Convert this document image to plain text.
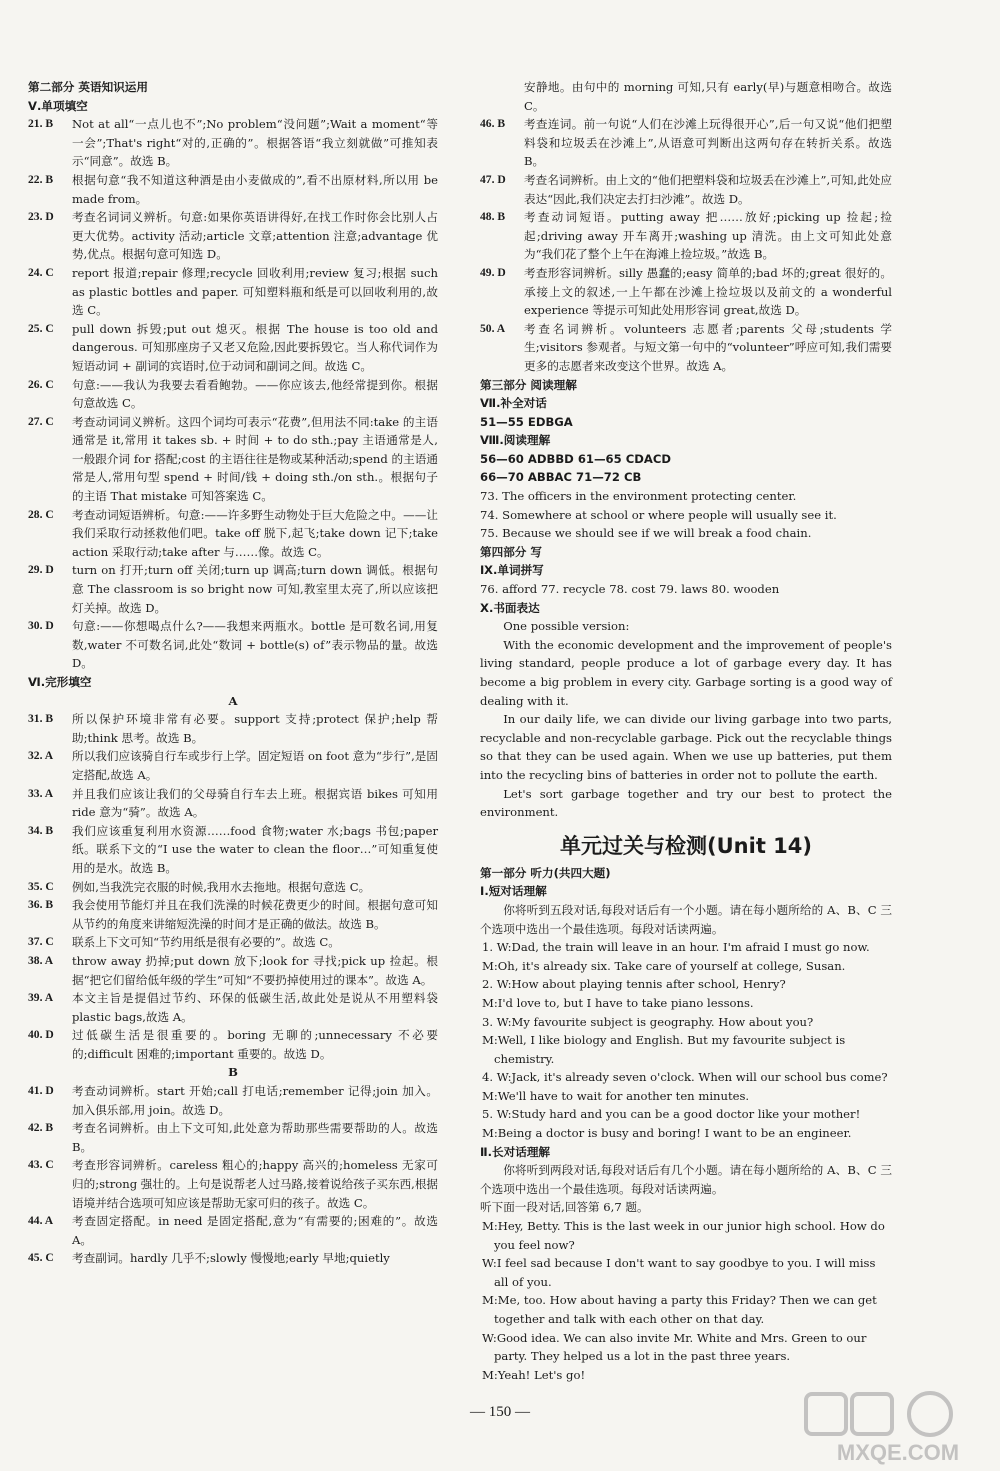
第二部分 英语知识运用
Ⅴ.单项填空
21. B	Not at all“一点儿也不”;No problem“没问题”;Wait a moment“等一会”;That's right“对的,正确的”。根据答语“我立刻就做”可推知表示“同意”。故选 B。
22. B	根据句意“我不知道这种酒是由小麦做成的”,看不出原材料,所以用 be made from。
23. D	考查名词词义辨析。句意:如果你英语讲得好,在找工作时你会比别人占更大优势。activity 活动;article 文章;attention 注意;advantage 优势,优点。根据句意可知选 D。
24. C	report 报道;repair 修理;recycle 回收利用;review 复习;根据 such as plastic bottles and paper. 可知塑料瓶和纸是可以回收利用的,故选 C。
25. C	pull down 拆毁;put out 熄灭。根据 The house is too old and dangerous. 可知那座房子又老又危险,因此要拆毁它。当人称代词作为短语动词 + 副词的宾语时,位于动词和副词之间。故选 C。
26. C	句意:——我认为我要去看看鲍勃。——你应该去,他经常提到你。根据句意故选 C。
27. C	考查动词词义辨析。这四个词均可表示“花费”,但用法不同:take 的主语通常是 it,常用 it takes sb. + 时间 + to do sth.;pay 主语通常是人,一般跟介词 for 搭配;cost 的主语往往是物或某种活动;spend 的主语通常是人,常用句型 spend + 时间/钱 + doing sth./on sth.。根据句子的主语 That mistake 可知答案选 C。
28. C	考查动词短语辨析。句意:——许多野生动物处于巨大危险之中。——让我们采取行动拯救他们吧。take off 脱下,起飞;take down 记下;take action 采取行动;take after 与……像。故选 C。
29. D	turn on 打开;turn off 关闭;turn up 调高;turn down 调低。根据句意 The classroom is so bright now 可知,教室里太亮了,所以应该把灯关掉。故选 D。
30. D	句意:——你想喝点什么?——我想来两瓶水。bottle 是可数名词,用复数,water 不可数名词,此处“数词 + bottle(s) of”表示物品的量。故选 D。
Ⅵ.完形填空
A
31. B	所以保护环境非常有必要。support 支持;protect 保护;help 帮助;think 思考。故选 B。
32. A	所以我们应该骑自行车或步行上学。固定短语 on foot 意为“步行”,是固定搭配,故选 A。
33. A	并且我们应该让我们的父母骑自行车去上班。根据宾语 bikes 可知用 ride 意为“骑”。故选 A。
34. B	我们应该重复利用水资源……food 食物;water 水;bags 书包;paper 纸。联系下文的“I use the water to clean the floor…”可知重复使用的是水。故选 B。
35. C	例如,当我洗完衣服的时候,我用水去拖地。根据句意选 C。
36. B	我会使用节能灯并且在我们洗澡的时候花费更少的时间。根据句意可知从节约的角度来讲缩短洗澡的时间才是正确的做法。故选 B。
37. C	联系上下文可知“节约用纸是很有必要的”。故选 C。
38. A	throw away 扔掉;put down 放下;look for 寻找;pick up 捡起。根据“把它们留给低年级的学生”可知“不要扔掉使用过的课本”。故选 A。
39. A	本文主旨是提倡过节约、环保的低碳生活,故此处是说从不用塑料袋 plastic bags,故选 A。
40. D	过低碳生活是很重要的。boring 无聊的;unnecessary 不必要的;difficult 困难的;important 重要的。故选 D。
B
41. D	考查动词辨析。start 开始;call 打电话;remember 记得;join 加入。加入俱乐部,用 join。故选 D。
42. B	考查名词辨析。由上下文可知,此处意为帮助那些需要帮助的人。故选 B。
43. C	考查形容词辨析。careless 粗心的;happy 高兴的;homeless 无家可归的;strong 强壮的。上句是说帮老人过马路,接着说给孩子买东西,根据语境并结合选项可知应该是帮助无家可归的孩子。故选 C。
44. A	考查固定搭配。in need 是固定搭配,意为“有需要的;困难的”。故选 A。
45. C	考查副词。hardly 几乎不;slowly 慢慢地;early 早地;quietly
安静地。由句中的 morning 可知,只有 early(早)与题意相吻合。故选 C。
46. B	考查连词。前一句说“人们在沙滩上玩得很开心”,后一句又说“他们把塑料袋和垃圾丢在沙滩上”,从语意可判断出这两句存在转折关系。故选 B。
47. D	考查名词辨析。由上文的“他们把塑料袋和垃圾丢在沙滩上”,可知,此处应表达“因此,我们决定去打扫沙滩”。故选 D。
48. B	考查动词短语。putting away 把……放好;picking up 捡起;捡起;driving away 开车离开;washing up 清洗。由上文可知此处意为“我们花了整个上午在海滩上捡垃圾。”故选 B。
49. D	考查形容词辨析。silly 愚蠢的;easy 简单的;bad 坏的;great 很好的。承接上文的叙述,一上午都在沙滩上捡垃圾以及前文的 a wonderful experience 等提示可知此处用形容词 great,故选 D。
50. A	考查名词辨析。volunteers 志愿者;parents 父母;students 学生;visitors 参观者。与短文第一句中的“volunteer”呼应可知,我们需要更多的志愿者来改变这个世界。故选 A。
第三部分 阅读理解
Ⅶ.补全对话
51—55 EDBGA
Ⅷ.阅读理解
56—60 ADBBD 61—65 CDACD
66—70 ABBAC 71—72 CB
73. The officers in the environment protecting center.
74. Somewhere at school or where people will usually see it.
75. Because we should see if we will break a food chain.
第四部分 写
Ⅸ.单词拼写
76. afford 77. recycle 78. cost 79. laws 80. wooden
Ⅹ.书面表达
One possible version:
With the economic development and the improvement of people's living standard, people produce a lot of garbage every day. It has become a big problem in every city. Garbage sorting is a good way of dealing with it.
In our daily life, we can divide our living garbage into two parts, recyclable and non-recyclable garbage. Pick out the recyclable things so that they can be used again. When we use up batteries, put them into the recycling bins of batteries in order not to pollute the earth.
Let's sort garbage together and try our best to protect the environment.
单元过关与检测(Unit 14)
第一部分 听力(共四大题)
Ⅰ.短对话理解
你将听到五段对话,每段对话后有一个小题。请在每小题所给的 A、B、C 三个选项中选出一个最佳选项。每段对话读两遍。
1. W:Dad, the train will leave in an hour. I'm afraid I must go now.
M:Oh, it's already six. Take care of yourself at college, Susan.
2. W:How about playing tennis after school, Henry?
M:I'd love to, but I have to take piano lessons.
3. W:My favourite subject is geography. How about you?
M:Well, I like biology and English. But my favourite subject is chemistry.
4. W:Jack, it's already seven o'clock. When will our school bus come?
M:We'll have to wait for another ten minutes.
5. W:Study hard and you can be a good doctor like your mother!
M:Being a doctor is busy and boring! I want to be an engineer.
Ⅱ.长对话理解
你将听到两段对话,每段对话后有几个小题。请在每小题所给的 A、B、C 三个选项中选出一个最佳选项。每段对话读两遍。
听下面一段对话,回答第 6,7 题。
M:Hey, Betty. This is the last week in our junior high school. How do you feel now?
W:I feel sad because I don't want to say goodbye to you. I will miss all of you.
M:Me, too. How about having a party this Friday? Then we can get together and talk with each other on that day.
W:Good idea. We can also invite Mr. White and Mrs. Green to our party. They helped us a lot in the past three years.
M:Yeah! Let's go!
— 150 —
MXQE.COM
